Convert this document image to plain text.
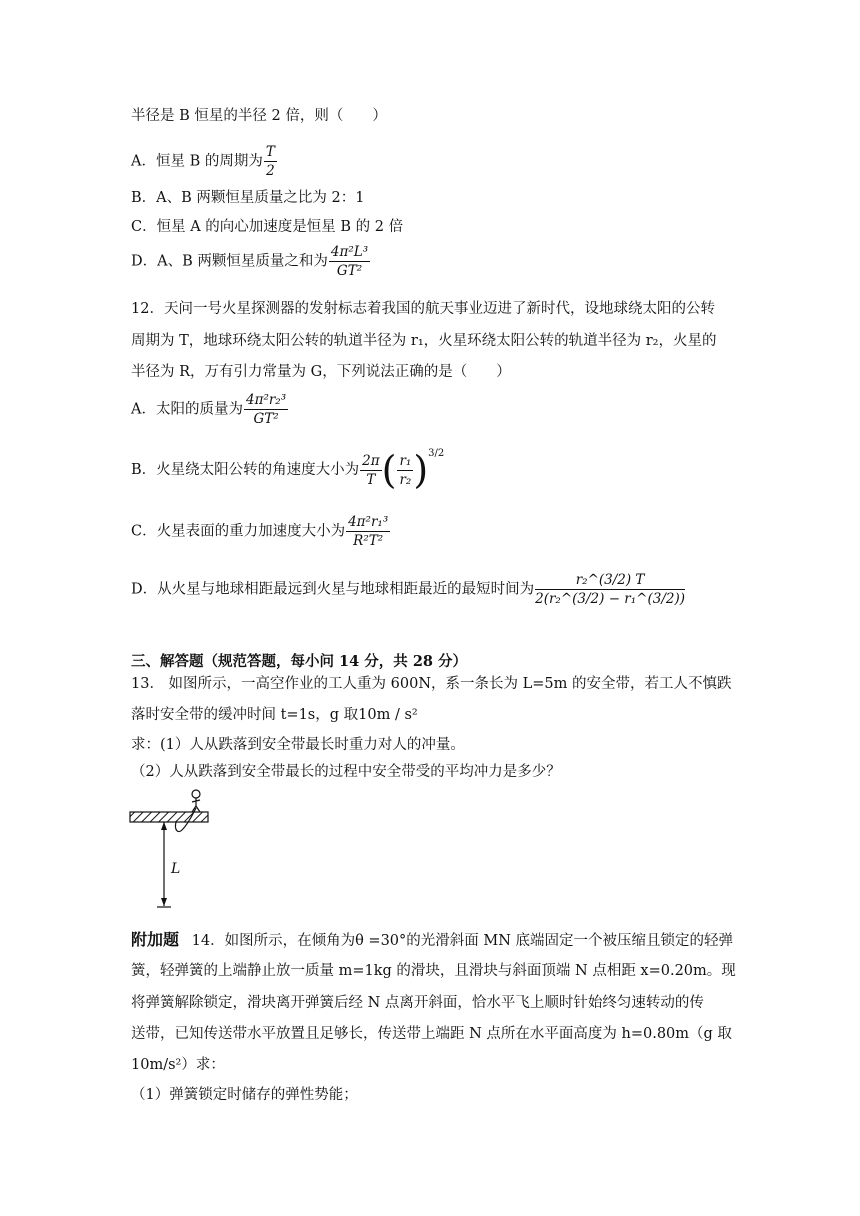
半径是 B 恒星的半径 2 倍，则（　　）
A．恒星 B 的周期为 $\frac{T}{2}$
B．A、B 两颗恒星质量之比为 2：1
C．恒星 A 的向心加速度是恒星 B 的 2 倍
D．A、B 两颗恒星质量之和为 $\frac{\text{4π²L³}}{\text{GT²}}$
12．天问一号火星探测器的发射标志着我国的航天事业迈进了新时代，设地球绕太阳的公转
周期为 T，地球环绕太阳公转的轨道半径为 r₁，火星环绕太阳公转的轨道半径为 r₂，火星的
半径为 R，万有引力常量为 G，下列说法正确的是（　　）
A．太阳的质量为 $\frac{\text{4π²r₂³}}{\text{GT²}}$
B．火星绕太阳公转的角速度大小为 $\frac{2\pi}{T}$ ( $\frac{\text{r₁}}{\text{r₂}} )^{3/2}$
C．火星表面的重力加速度大小为 $\frac{\text{4π²r₁³}}{\text{R²T²}}$
D．从火星与地球相距最远到火星与地球相距最近的最短时间为 $\frac{\text{r₂\textasciicircum{}(3/2) T}}{\text{2(r₂\textasciicircum{}(3/2) − r₁\textasciicircum{}(3/2))}}$
三、解答题（规范答题，每小问 14 分，共 28 分）
13． 如图所示，一高空作业的工人重为 600N，系一条长为 L=5m 的安全带，若工人不慎跌
落时安全带的缓冲时间 t=1s，g 取10m / s²
求：(1）人从跌落到安全带最长时重力对人的冲量。
（2）人从跌落到安全带最长的过程中安全带受的平均冲力是多少？
L
附加题 14．如图所示，在倾角为θ =30°的光滑斜面 MN 底端固定一个被压缩且锁定的轻弹
簧，轻弹簧的上端静止放一质量 m=1kg 的滑块，且滑块与斜面顶端 N 点相距 x=0.20m。现
将弹簧解除锁定，滑块离开弹簧后经 N 点离开斜面，恰水平飞上顺时针始终匀速转动的传
送带，已知传送带水平放置且足够长，传送带上端距 N 点所在水平面高度为 h=0.80m（g 取
10m/s²）求：
（1）弹簧锁定时储存的弹性势能；
